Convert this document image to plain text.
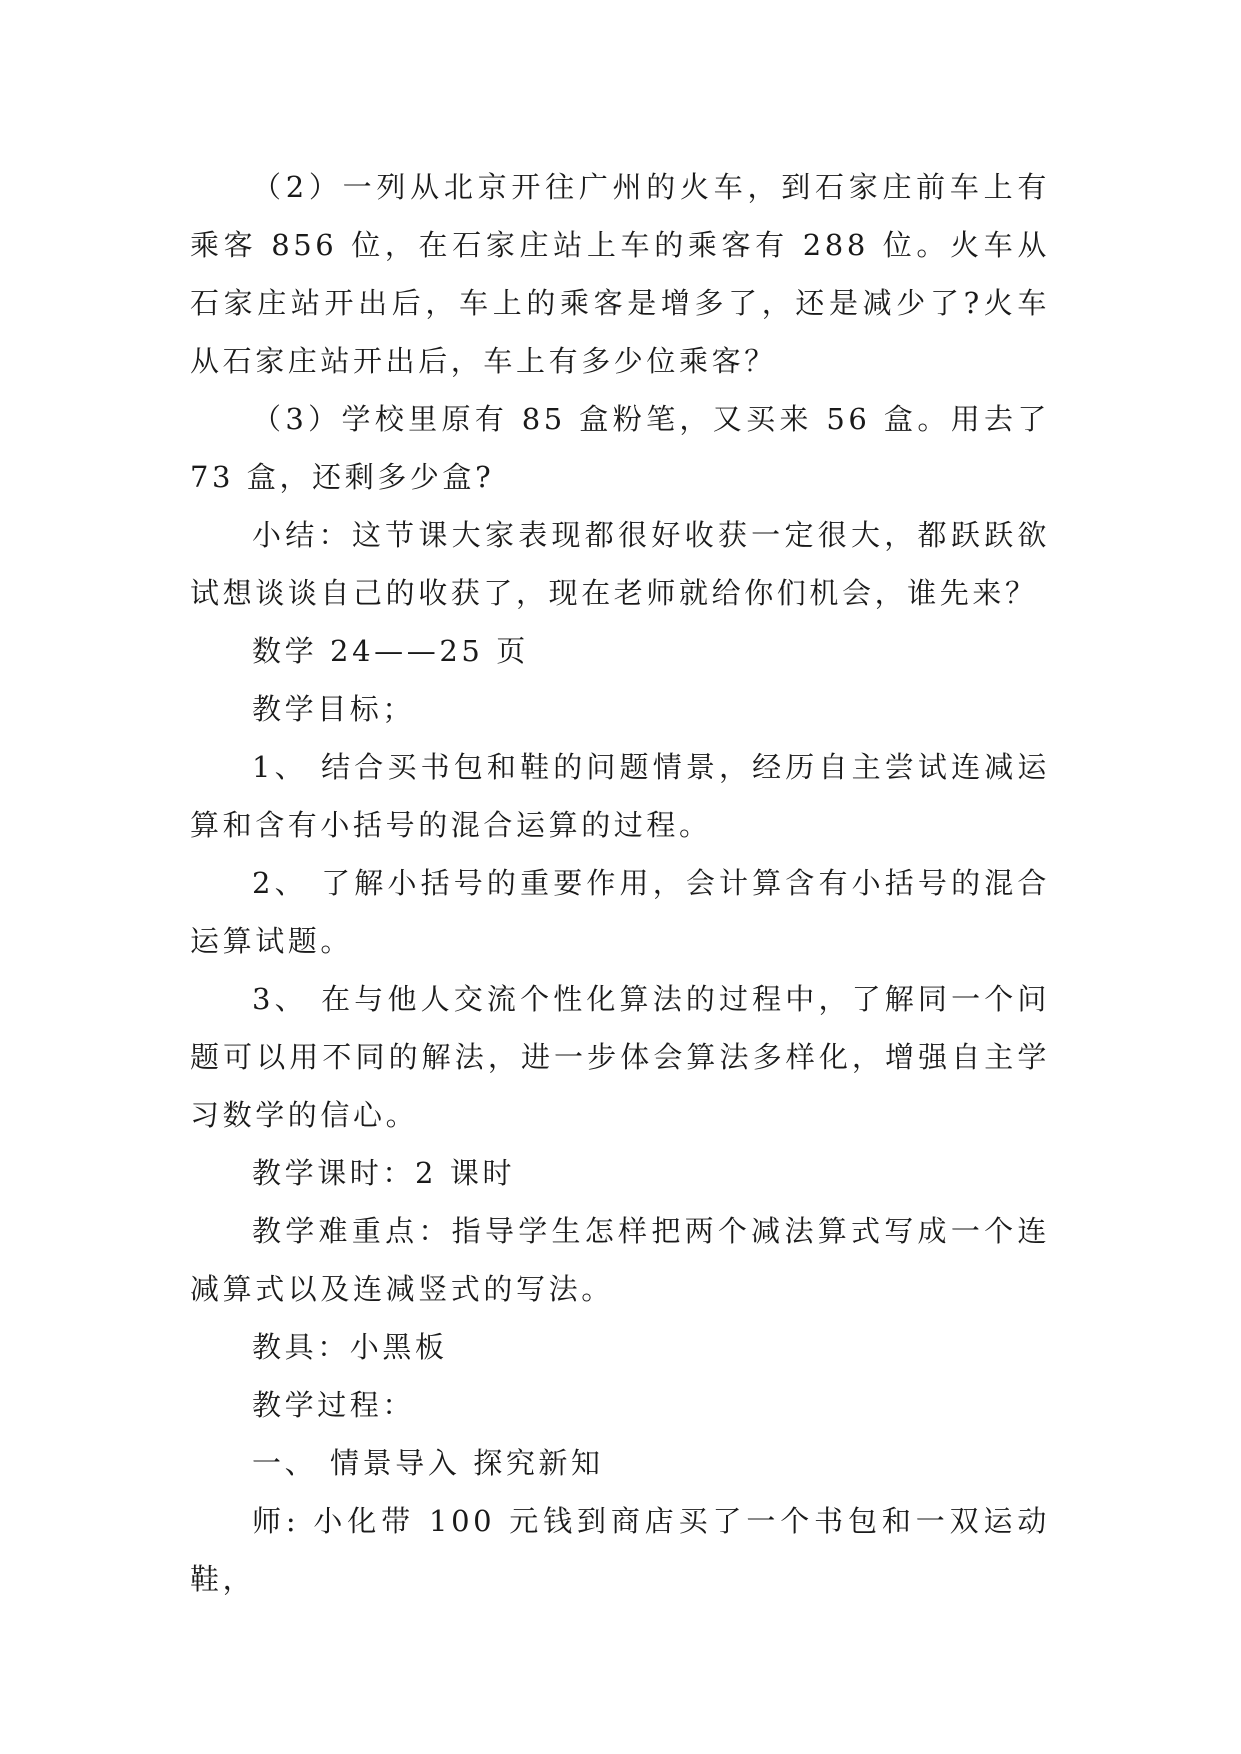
（2）一列从北京开往广州的火车，到石家庄前车上有乘客 856 位，在石家庄站上车的乘客有 288 位。火车从石家庄站开出后，车上的乘客是增多了，还是减少了?火车从石家庄站开出后，车上有多少位乘客？

（3）学校里原有 85 盒粉笔，又买来 56 盒。用去了 73 盒，还剩多少盒?

小结：这节课大家表现都很好收获一定很大，都跃跃欲试想谈谈自己的收获了，现在老师就给你们机会，谁先来？

数学 24——25 页

教学目标；

1、 结合买书包和鞋的问题情景，经历自主尝试连减运算和含有小括号的混合运算的过程。

2、 了解小括号的重要作用，会计算含有小括号的混合运算试题。

3、 在与他人交流个性化算法的过程中，了解同一个问题可以用不同的解法，进一步体会算法多样化，增强自主学习数学的信心。

教学课时：2 课时

教学难重点：指导学生怎样把两个减法算式写成一个连减算式以及连减竖式的写法。

教具：小黑板

教学过程：

一、 情景导入 探究新知

师: 小化带 100 元钱到商店买了一个书包和一双运动鞋，
